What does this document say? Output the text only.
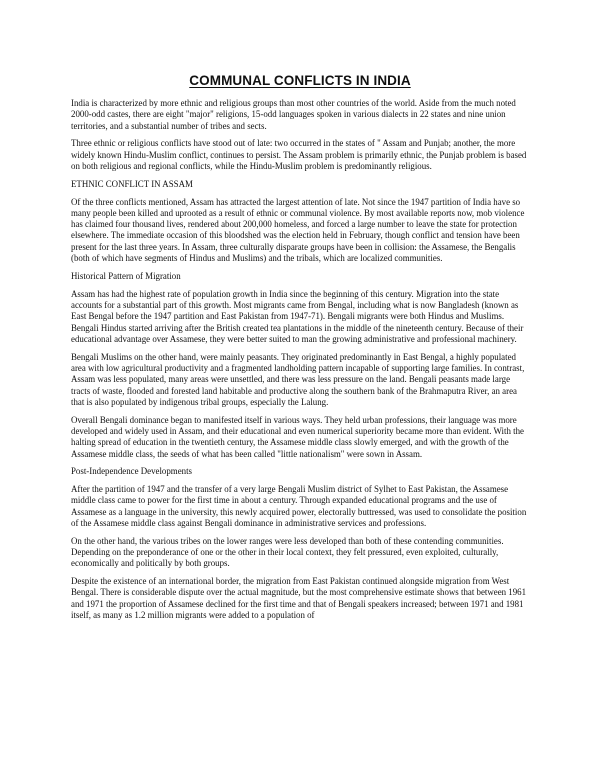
COMMUNAL CONFLICTS IN INDIA

India is characterized by more ethnic and religious groups than most other countries of the world. Aside from the much noted 2000-odd castes, there are eight "major" religions, 15-odd languages spoken in various dialects in 22 states and nine union territories, and a substantial number of tribes and sects.

Three ethnic or religious conflicts have stood out of late: two occurred in the states of " Assam and Punjab; another, the more widely known Hindu-Muslim conflict, continues to persist. The Assam problem is primarily ethnic, the Punjab problem is based on both religious and regional conflicts, while the Hindu-Muslim problem is predominantly religious.

ETHNIC CONFLICT IN ASSAM

Of the three conflicts mentioned, Assam has attracted the largest attention of late. Not since the 1947 partition of India have so many people been killed and uprooted as a result of ethnic or communal violence. By most available reports now, mob violence has claimed four thousand lives, rendered about 200,000 homeless, and forced a large number to leave the state for protection elsewhere. The immediate occasion of this bloodshed was the election held in February, though conflict and tension have been present for the last three years. In Assam, three culturally disparate groups have been in collision: the Assamese, the Bengalis (both of which have segments of Hindus and Muslims) and the tribals, which are localized communities.

Historical Pattern of Migration

Assam has had the highest rate of population growth in India since the beginning of this century. Migration into the state accounts for a substantial part of this growth. Most migrants came from Bengal, including what is now Bangladesh (known as East Bengal before the 1947 partition and East Pakistan from 1947-71). Bengali migrants were both Hindus and Muslims. Bengali Hindus started arriving after the British created tea plantations in the middle of the nineteenth century. Because of their educational advantage over Assamese, they were better suited to man the growing administrative and professional machinery.

Bengali Muslims on the other hand, were mainly peasants. They originated predominantly in East Bengal, a highly populated area with low agricultural productivity and a fragmented landholding pattern incapable of supporting large families. In contrast, Assam was less populated, many areas were unsettled, and there was less pressure on the land. Bengali peasants made large tracts of waste, flooded and forested land habitable and productive along the southern bank of the Brahmaputra River, an area that is also populated by indigenous tribal groups, especially the Lalung.

Overall Bengali dominance began to manifested itself in various ways. They held urban professions, their language was more developed and widely used in Assam, and their educational and even numerical superiority became more than evident. With the halting spread of education in the twentieth century, the Assamese middle class slowly emerged, and with the growth of the Assamese middle class, the seeds of what has been called "little nationalism" were sown in Assam.

Post-Independence Developments

After the partition of 1947 and the transfer of a very large Bengali Muslim district of Sylhet to East Pakistan, the Assamese middle class came to power for the first time in about a century. Through expanded educational programs and the use of Assamese as a language in the university, this newly acquired power, electorally buttressed, was used to consolidate the position of the Assamese middle class against Bengali dominance in administrative services and professions.

On the other hand, the various tribes on the lower ranges were less developed than both of these contending communities. Depending on the preponderance of one or the other in their local context, they felt pressured, even exploited, culturally, economically and politically by both groups.

Despite the existence of an international border, the migration from East Pakistan continued alongside migration from West Bengal. There is considerable dispute over the actual magnitude, but the most comprehensive estimate shows that between 1961 and 1971 the proportion of Assamese declined for the first time and that of Bengali speakers increased; between 1971 and 1981 itself, as many as 1.2 million migrants were added to a population of
